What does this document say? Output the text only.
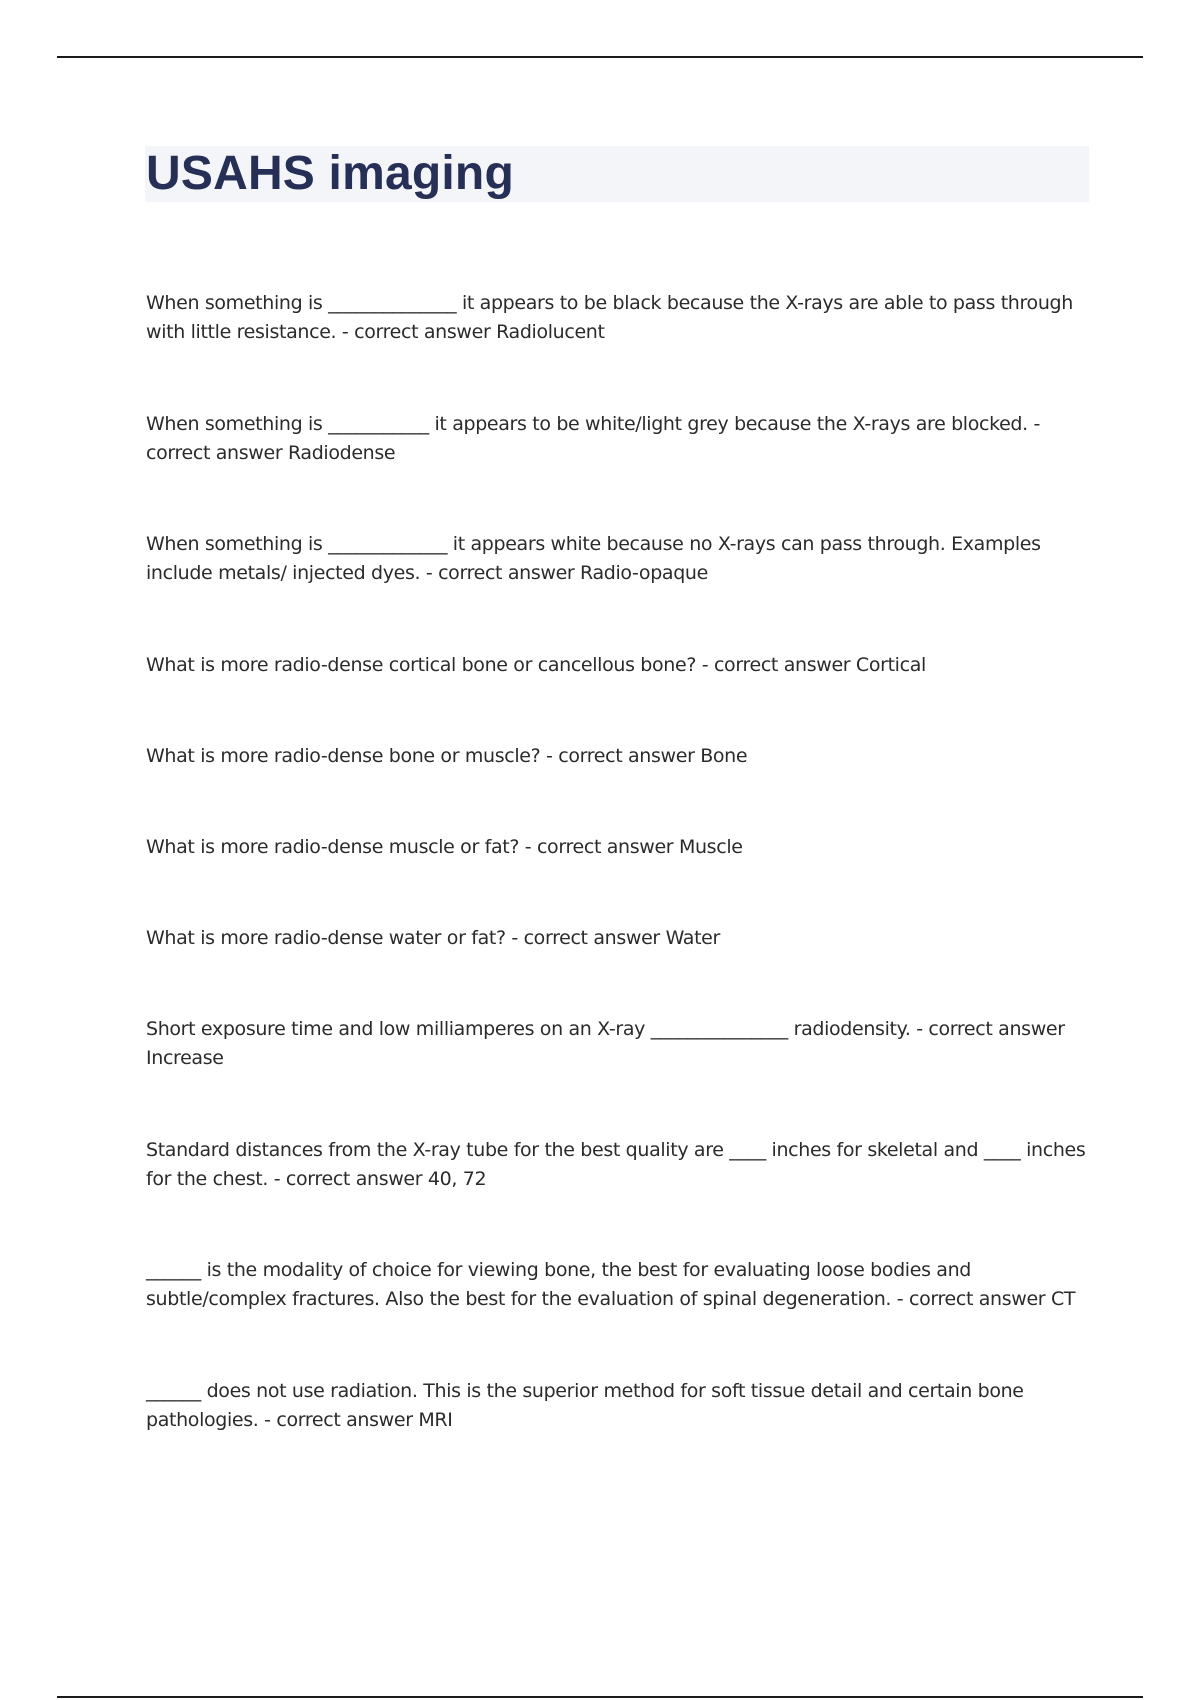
USAHS imaging

When something is ______________ it appears to be black because the X-rays are able to pass through with little resistance. - correct answer Radiolucent

When something is ___________ it appears to be white/light grey because the X-rays are blocked. - correct answer Radiodense

When something is _____________ it appears white because no X-rays can pass through. Examples include metals/ injected dyes. - correct answer Radio-opaque

What is more radio-dense cortical bone or cancellous bone? - correct answer Cortical

What is more radio-dense bone or muscle? - correct answer Bone

What is more radio-dense muscle or fat? - correct answer Muscle

What is more radio-dense water or fat? - correct answer Water

Short exposure time and low milliamperes on an X-ray _______________ radiodensity. - correct answer Increase

Standard distances from the X-ray tube for the best quality are ____ inches for skeletal and ____ inches for the chest. - correct answer 40, 72

______ is the modality of choice for viewing bone, the best for evaluating loose bodies and subtle/complex fractures. Also the best for the evaluation of spinal degeneration. - correct answer CT

______ does not use radiation. This is the superior method for soft tissue detail and certain bone pathologies. - correct answer MRI
